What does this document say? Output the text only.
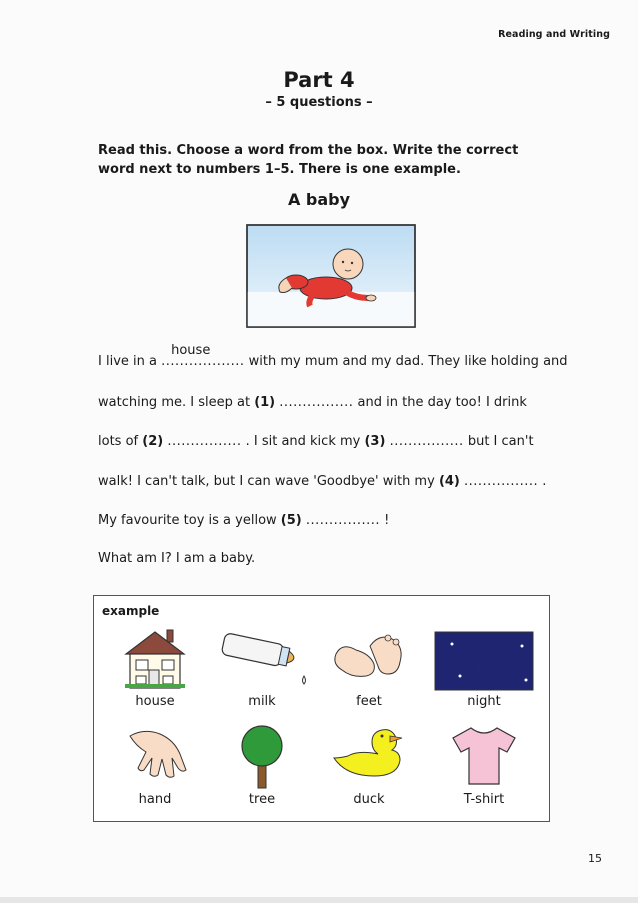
Reading and Writing
Part 4
– 5 questions –
Read this. Choose a word from the box. Write the correct word next to numbers 1–5. There is one example.
A baby
I live in a
house
.................. with my mum and my dad. They like holding and
watching me. I sleep at (1) ................ and in the day too! I drink
lots of (2) ................ . I sit and kick my (3) ................ but I can't
walk! I can't talk, but I can wave 'Goodbye' with my (4) ................ .
My favourite toy is a yellow (5) ................ !
What am I? I am a baby.
example
house	milk	feet	night
hand	tree	duck	T-shirt
15
